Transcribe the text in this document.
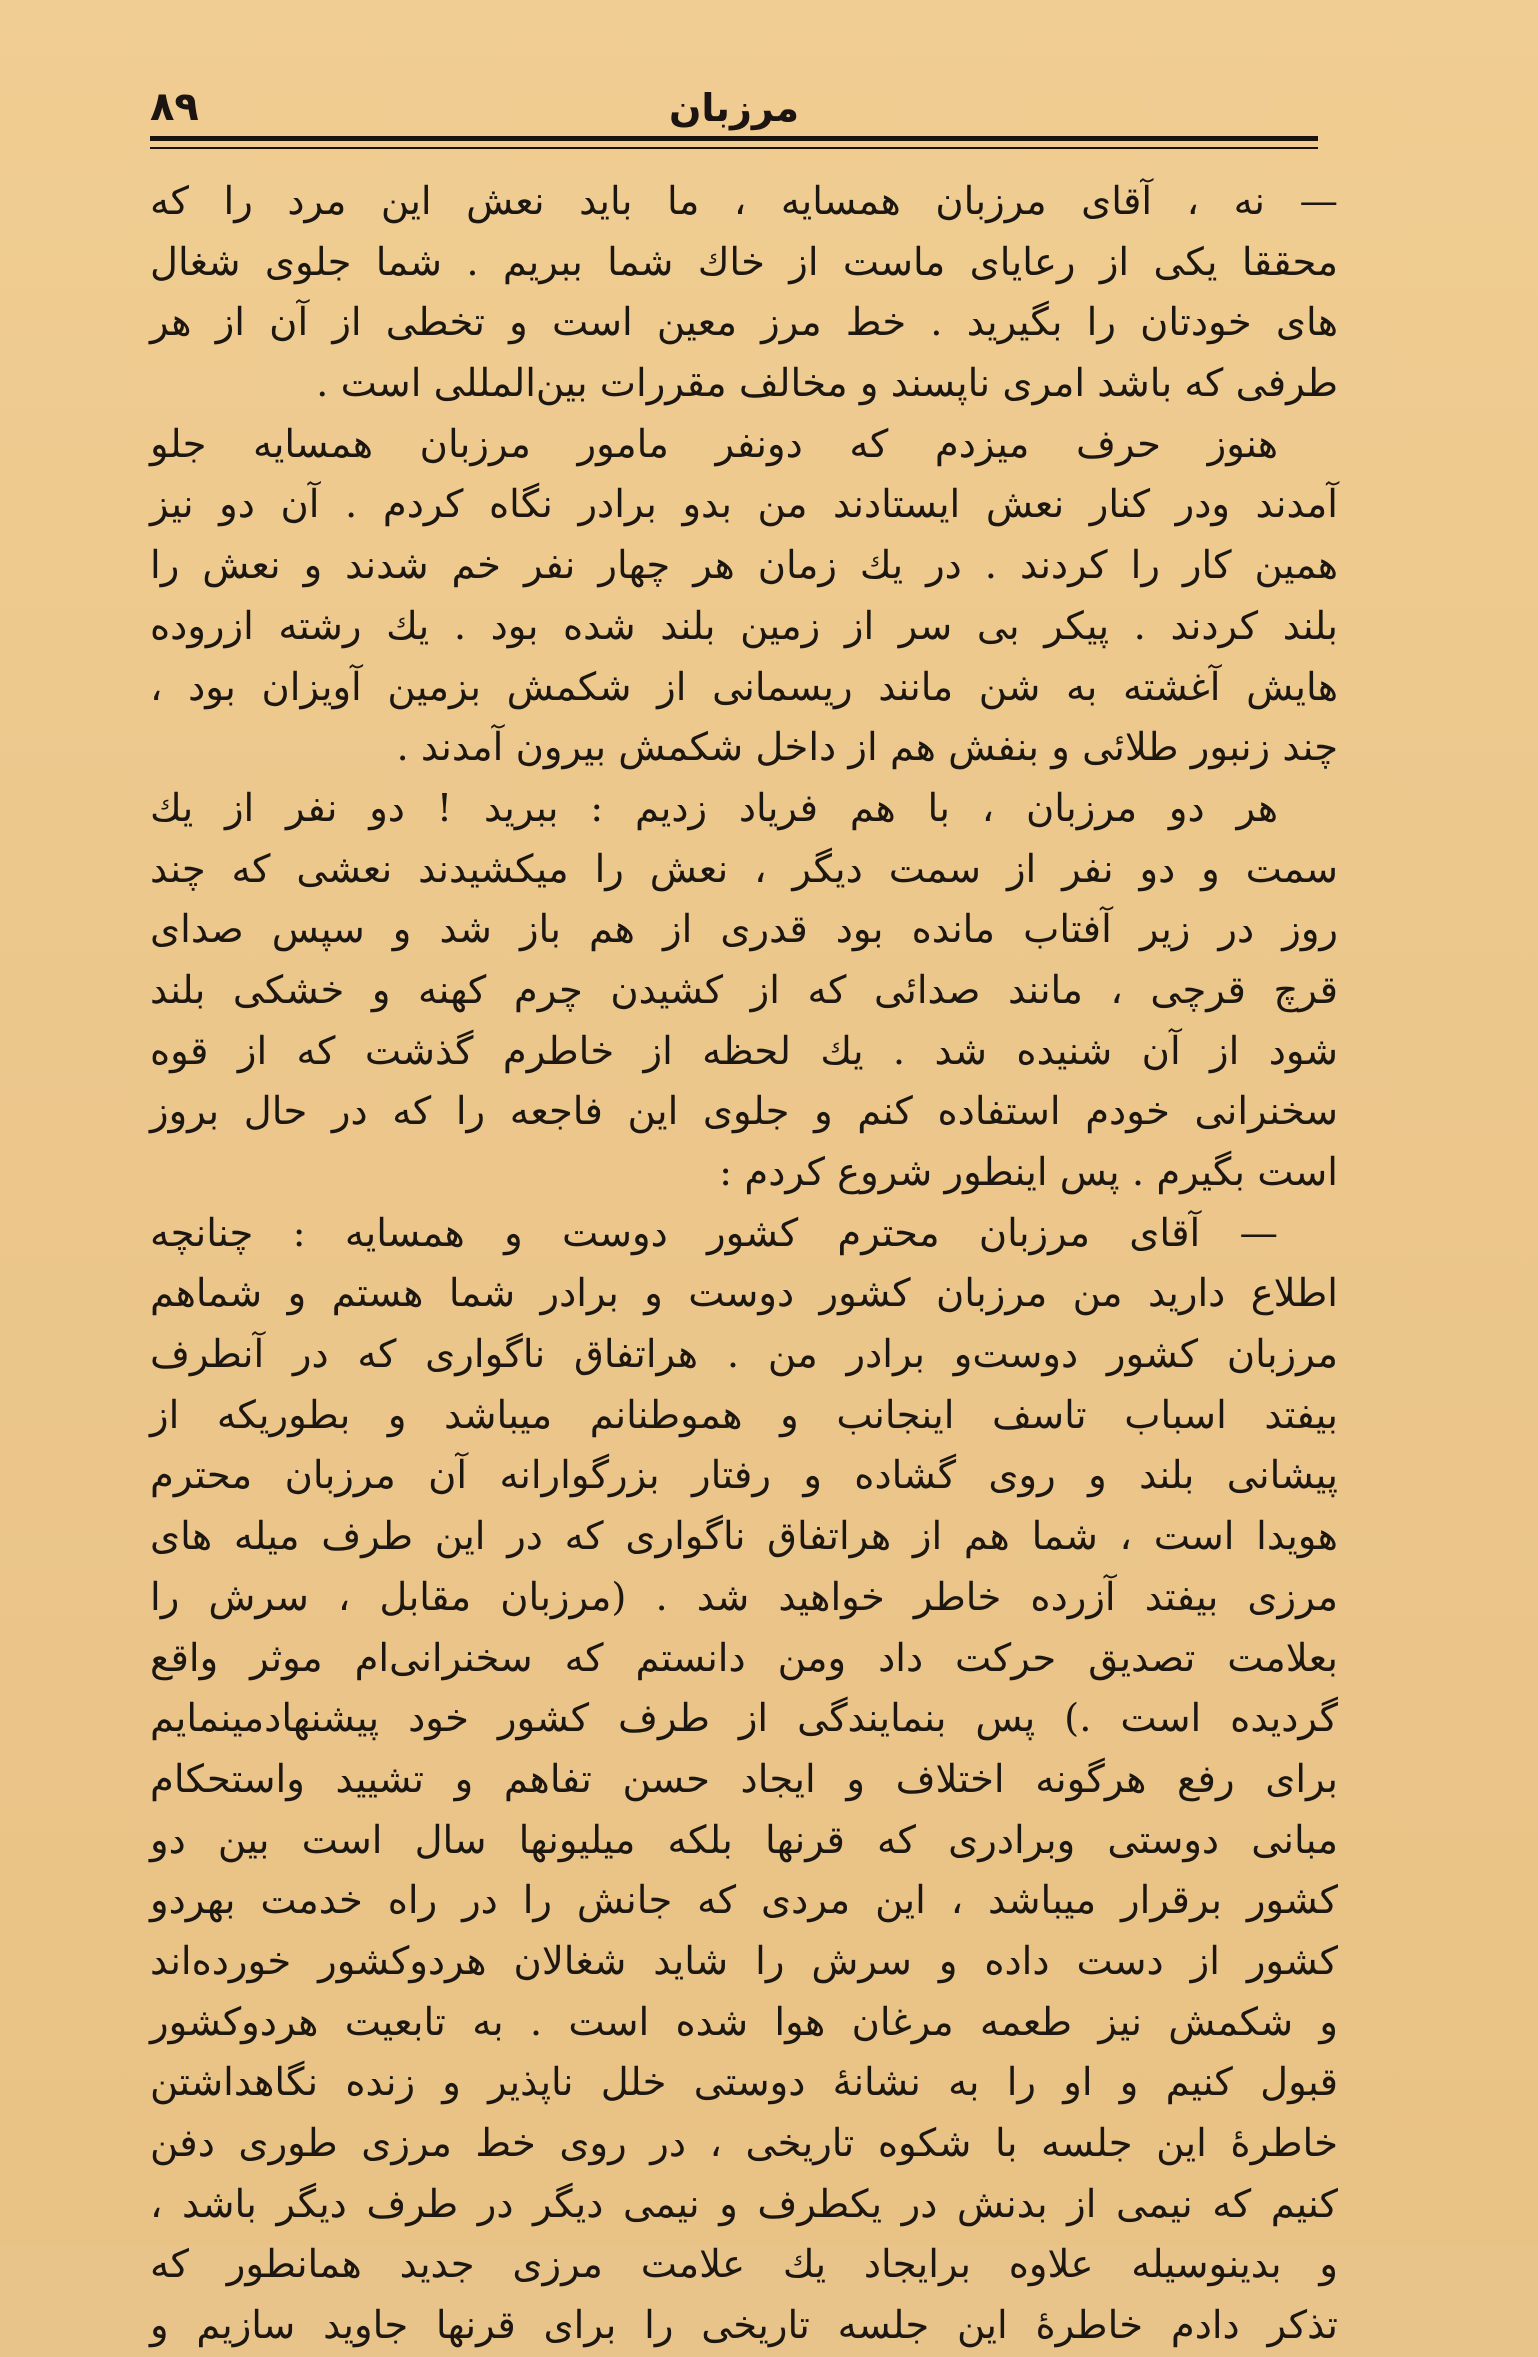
مرزبان
۸۹
— نه ، آقای مرزبان همسایه ، ما باید نعش این مرد را که
محققا یکی از رعایای ماست از خاك شما ببریم . شما جلوی شغال
های خودتان را بگیرید . خط مرز معین است و تخطی از آن از هر
طرفی که باشد امری ناپسند و مخالف مقررات بین‌المللی است .
هنوز حرف میزدم که دونفر مامور مرزبان همسایه جلو
آمدند ودر کنار نعش ایستادند من بدو برادر نگاه کردم . آن دو نیز
همین کار را کردند . در یك زمان هر چهار نفر خم شدند و نعش را
بلند کردند . پیکر بی سر از زمین بلند شده بود . یك رشته ازروده
هایش آغشته به شن مانند ریسمانی از شکمش بزمین آویزان بود ،
چند زنبور طلائی و بنفش هم از داخل شکمش بیرون آمدند .
هر دو مرزبان ، با هم فریاد زدیم : ببرید ! دو نفر از یك
سمت و دو نفر از سمت دیگر ، نعش را میکشیدند نعشی که چند
روز در زیر آفتاب مانده بود قدری از هم باز شد و سپس صدای
قرچ قرچی ، مانند صدائی که از کشیدن چرم کهنه و خشکی بلند
شود از آن شنیده شد . یك لحظه از خاطرم گذشت که از قوه
سخنرانی خودم استفاده کنم و جلوی این فاجعه را که در حال بروز
است بگیرم . پس اینطور شروع کردم :
— آقای مرزبان محترم کشور دوست و همسایه : چنانچه
اطلاع دارید من مرزبان کشور دوست و برادر شما هستم و شماهم
مرزبان کشور دوست‌و برادر من . هراتفاق ناگواری که در آنطرف
بیفتد اسباب تاسف اینجانب و هموطنانم میباشد و بطوریکه از
پیشانی بلند و روی گشاده و رفتار بزرگوارانه آن مرزبان محترم
هویدا است ، شما هم از هراتفاق ناگواری که در این طرف میله های
مرزی بیفتد آزرده خاطر خواهید شد . (مرزبان مقابل ، سرش را
بعلامت تصدیق حرکت داد ومن دانستم که سخنرانی‌ام موثر واقع
گردیده است .) پس بنمایندگی از طرف کشور خود پیشنهادمینمایم
برای رفع هرگونه اختلاف و ایجاد حسن تفاهم و تشیید واستحکام
مبانی دوستی وبرادری که قرنها بلکه میلیونها سال است بین دو
کشور برقرار میباشد ، این مردی که جانش را در راه خدمت بهردو
کشور از دست داده و سرش را شاید شغالان هردوکشور خورده‌اند
و شکمش نیز طعمه مرغان هوا شده است . به تابعیت هردوکشور
قبول کنیم و او را به نشانهٔ دوستی خلل ناپذیر و زنده نگاهداشتن
خاطرهٔ این جلسه با شکوه تاریخی ، در روی خط مرزی طوری دفن
کنیم که نیمی از بدنش در یکطرف و نیمی دیگر در طرف دیگر باشد ،
و بدینوسیله علاوه برایجاد یك علامت مرزی جدید همانطور که
تذکر دادم خاطرهٔ این جلسه تاریخی را برای قرنها جاوید سازیم و
